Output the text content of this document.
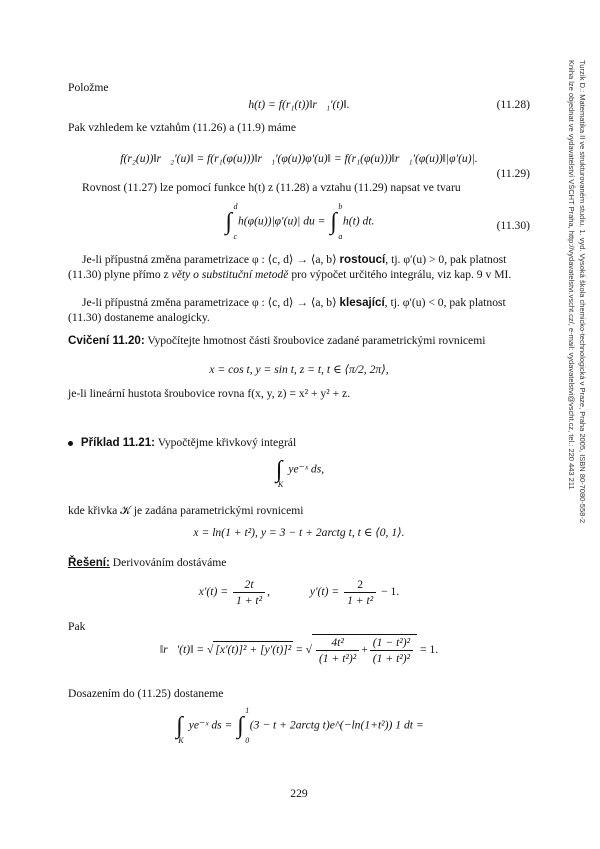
Turzík D.: Matematika II ve strukturovaném studiu. 1. vyd. Vysoká škola chemicko-technologická v Praze, Praha 2005, ISBN 80-7080-558-2
Kniha lze objednat ve vydavatelství VŠCHT Praha, http://vydavatelstvi.vscht.cz/, e-mail: vydavatelstvi@vscht.cz, tel.: 220 443 211
Položme
h(t) = f(r₁(t))‖r⃗₁′(t)‖.	(11.28)
Pak vzhledem ke vztahům (11.26) a (11.9) máme
f(r₂(u))‖r⃗₂′(u)‖ = f(r₁(φ(u)))‖r⃗₁′(φ(u))φ′(u)‖ = f(r₁(φ(u)))‖r⃗₁′(φ(u))‖|φ′(u)|.
(11.29)
Rovnost (11.27) lze pomocí funkce h(t) z (11.28) a vztahu (11.29) napsat ve tvaru
∫
d
c
h(φ(u))|φ′(u)| du = ∫
b
a
h(t) dt.	(11.30)
Je-li přípustná změna parametrizace φ : ⟨c, d⟩ → ⟨a, b⟩ rostoucí, tj. φ′(u) > 0, pak platnost (11.30) plyne přímo z věty o substituční metodě pro výpočet určitého integrálu, viz kap. 9 v MI.
Je-li přípustná změna parametrizace φ : ⟨c, d⟩ → ⟨a, b⟩ klesající, tj. φ′(u) < 0, pak platnost (11.30) dostaneme analogicky.
Cvičení 11.20: Vypočítejte hmotnost části šroubovice zadané parametrickými rovnicemi
x = cos t, y = sin t, z = t, t ∈ ⟨π/2, 2π⟩,
je-li lineární hustota šroubovice rovna f(x, y, z) = x² + y² + z.
Příklad 11.21: Vypočtějme křivkový integrál
∫
K
ye⁻ˣ ds,
kde křivka 𝒦 je zadána parametrickými rovnicemi
x = ln(1 + t²), y = 3 − t + 2arctg t, t ∈ ⟨0, 1⟩.
Řešení: Derivováním dostáváme
$x'(t) = \frac{2t}{\text{1 + t²}}$ ,	$y'(t) = \frac{2}{\text{1 + t²}} - 1$.
Pak
‖r⃗′(t)‖ = √ [x′(t)]² + [y′(t)]² = √ $\frac{\text{4t²}}{\text{(1 + t²)²}} + \frac{\text{(1 − t²)²}}{\text{(1 + t²)²}} = 1$.
Dosazením do (11.25) dostaneme
∫
K
ye⁻ˣ ds = ∫
1
0
(3 − t + 2arctg t)e^(−ln(1+t²)) 1 dt =
229
